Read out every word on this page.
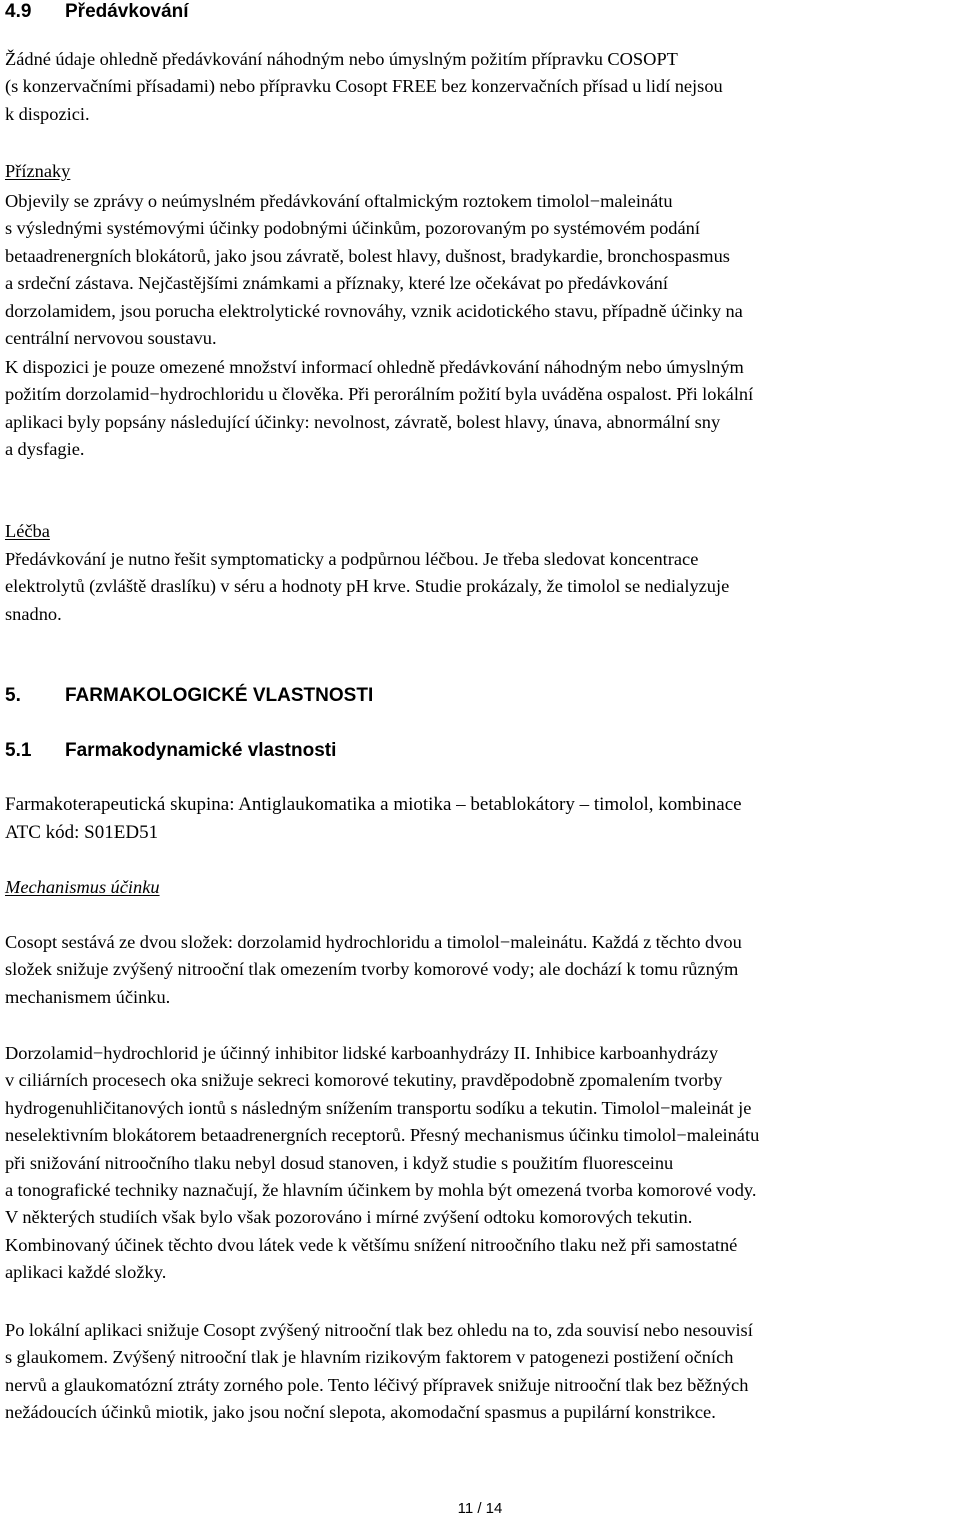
4.9 Předávkování

Žádné údaje ohledně předávkování náhodným nebo úmyslným požitím přípravku COSOPT
(s konzervačními přísadami) nebo přípravku Cosopt FREE bez konzervačních přísad u lidí nejsou
k dispozici.

Příznaky

Objevily se zprávy o neúmyslném předávkování oftalmickým roztokem timolol−maleinátu
s výslednými systémovými účinky podobnými účinkům, pozorovaným po systémovém podání
betaadrenergních blokátorů, jako jsou závratě, bolest hlavy, dušnost, bradykardie, bronchospasmus
a srdeční zástava. Nejčastějšími známkami a příznaky, které lze očekávat po předávkování
dorzolamidem, jsou porucha elektrolytické rovnováhy, vznik acidotického stavu, případně účinky na
centrální nervovou soustavu.

K dispozici je pouze omezené množství informací ohledně předávkování náhodným nebo úmyslným
požitím dorzolamid−hydrochloridu u člověka. Při perorálním požití byla uváděna ospalost. Při lokální
aplikaci byly popsány následující účinky: nevolnost, závratě, bolest hlavy, únava, abnormální sny
a dysfagie.

Léčba

Předávkování je nutno řešit symptomaticky a podpůrnou léčbou. Je třeba sledovat koncentrace
elektrolytů (zvláště draslíku) v séru a hodnoty pH krve. Studie prokázaly, že timolol se nedialyzuje
snadno.

5. FARMAKOLOGICKÉ VLASTNOSTI
5.1 Farmakodynamické vlastnosti

Farmakoterapeutická skupina: Antiglaukomatika a miotika – betablokátory – timolol, kombinace

ATC kód: S01ED51

Mechanismus účinku

Cosopt sestává ze dvou složek: dorzolamid hydrochloridu a timolol−maleinátu. Každá z těchto dvou
složek snižuje zvýšený nitrooční tlak omezením tvorby komorové vody; ale dochází k tomu různým
mechanismem účinku.

Dorzolamid−hydrochlorid je účinný inhibitor lidské karboanhydrázy II. Inhibice karboanhydrázy
v ciliárních procesech oka snižuje sekreci komorové tekutiny, pravděpodobně zpomalením tvorby
hydrogenuhličitanových iontů s následným snížením transportu sodíku a tekutin. Timolol−maleinát je
neselektivním blokátorem betaadrenergních receptorů. Přesný mechanismus účinku timolol−maleinátu
při snižování nitroočního tlaku nebyl dosud stanoven, i když studie s použitím fluoresceinu
a tonografické techniky naznačují, že hlavním účinkem by mohla být omezená tvorba komorové vody.
V některých studiích však bylo však pozorováno i mírné zvýšení odtoku komorových tekutin.
Kombinovaný účinek těchto dvou látek vede k většímu snížení nitroočního tlaku než při samostatné
aplikaci každé složky.

Po lokální aplikaci snižuje Cosopt zvýšený nitrooční tlak bez ohledu na to, zda souvisí nebo nesouvisí
s glaukomem. Zvýšený nitrooční tlak je hlavním rizikovým faktorem v patogenezi postižení očních
nervů a glaukomatózní ztráty zorného pole. Tento léčivý přípravek snižuje nitrooční tlak bez běžných
nežádoucích účinků miotik, jako jsou noční slepota, akomodační spasmus a pupilární konstrikce.

11 / 14
